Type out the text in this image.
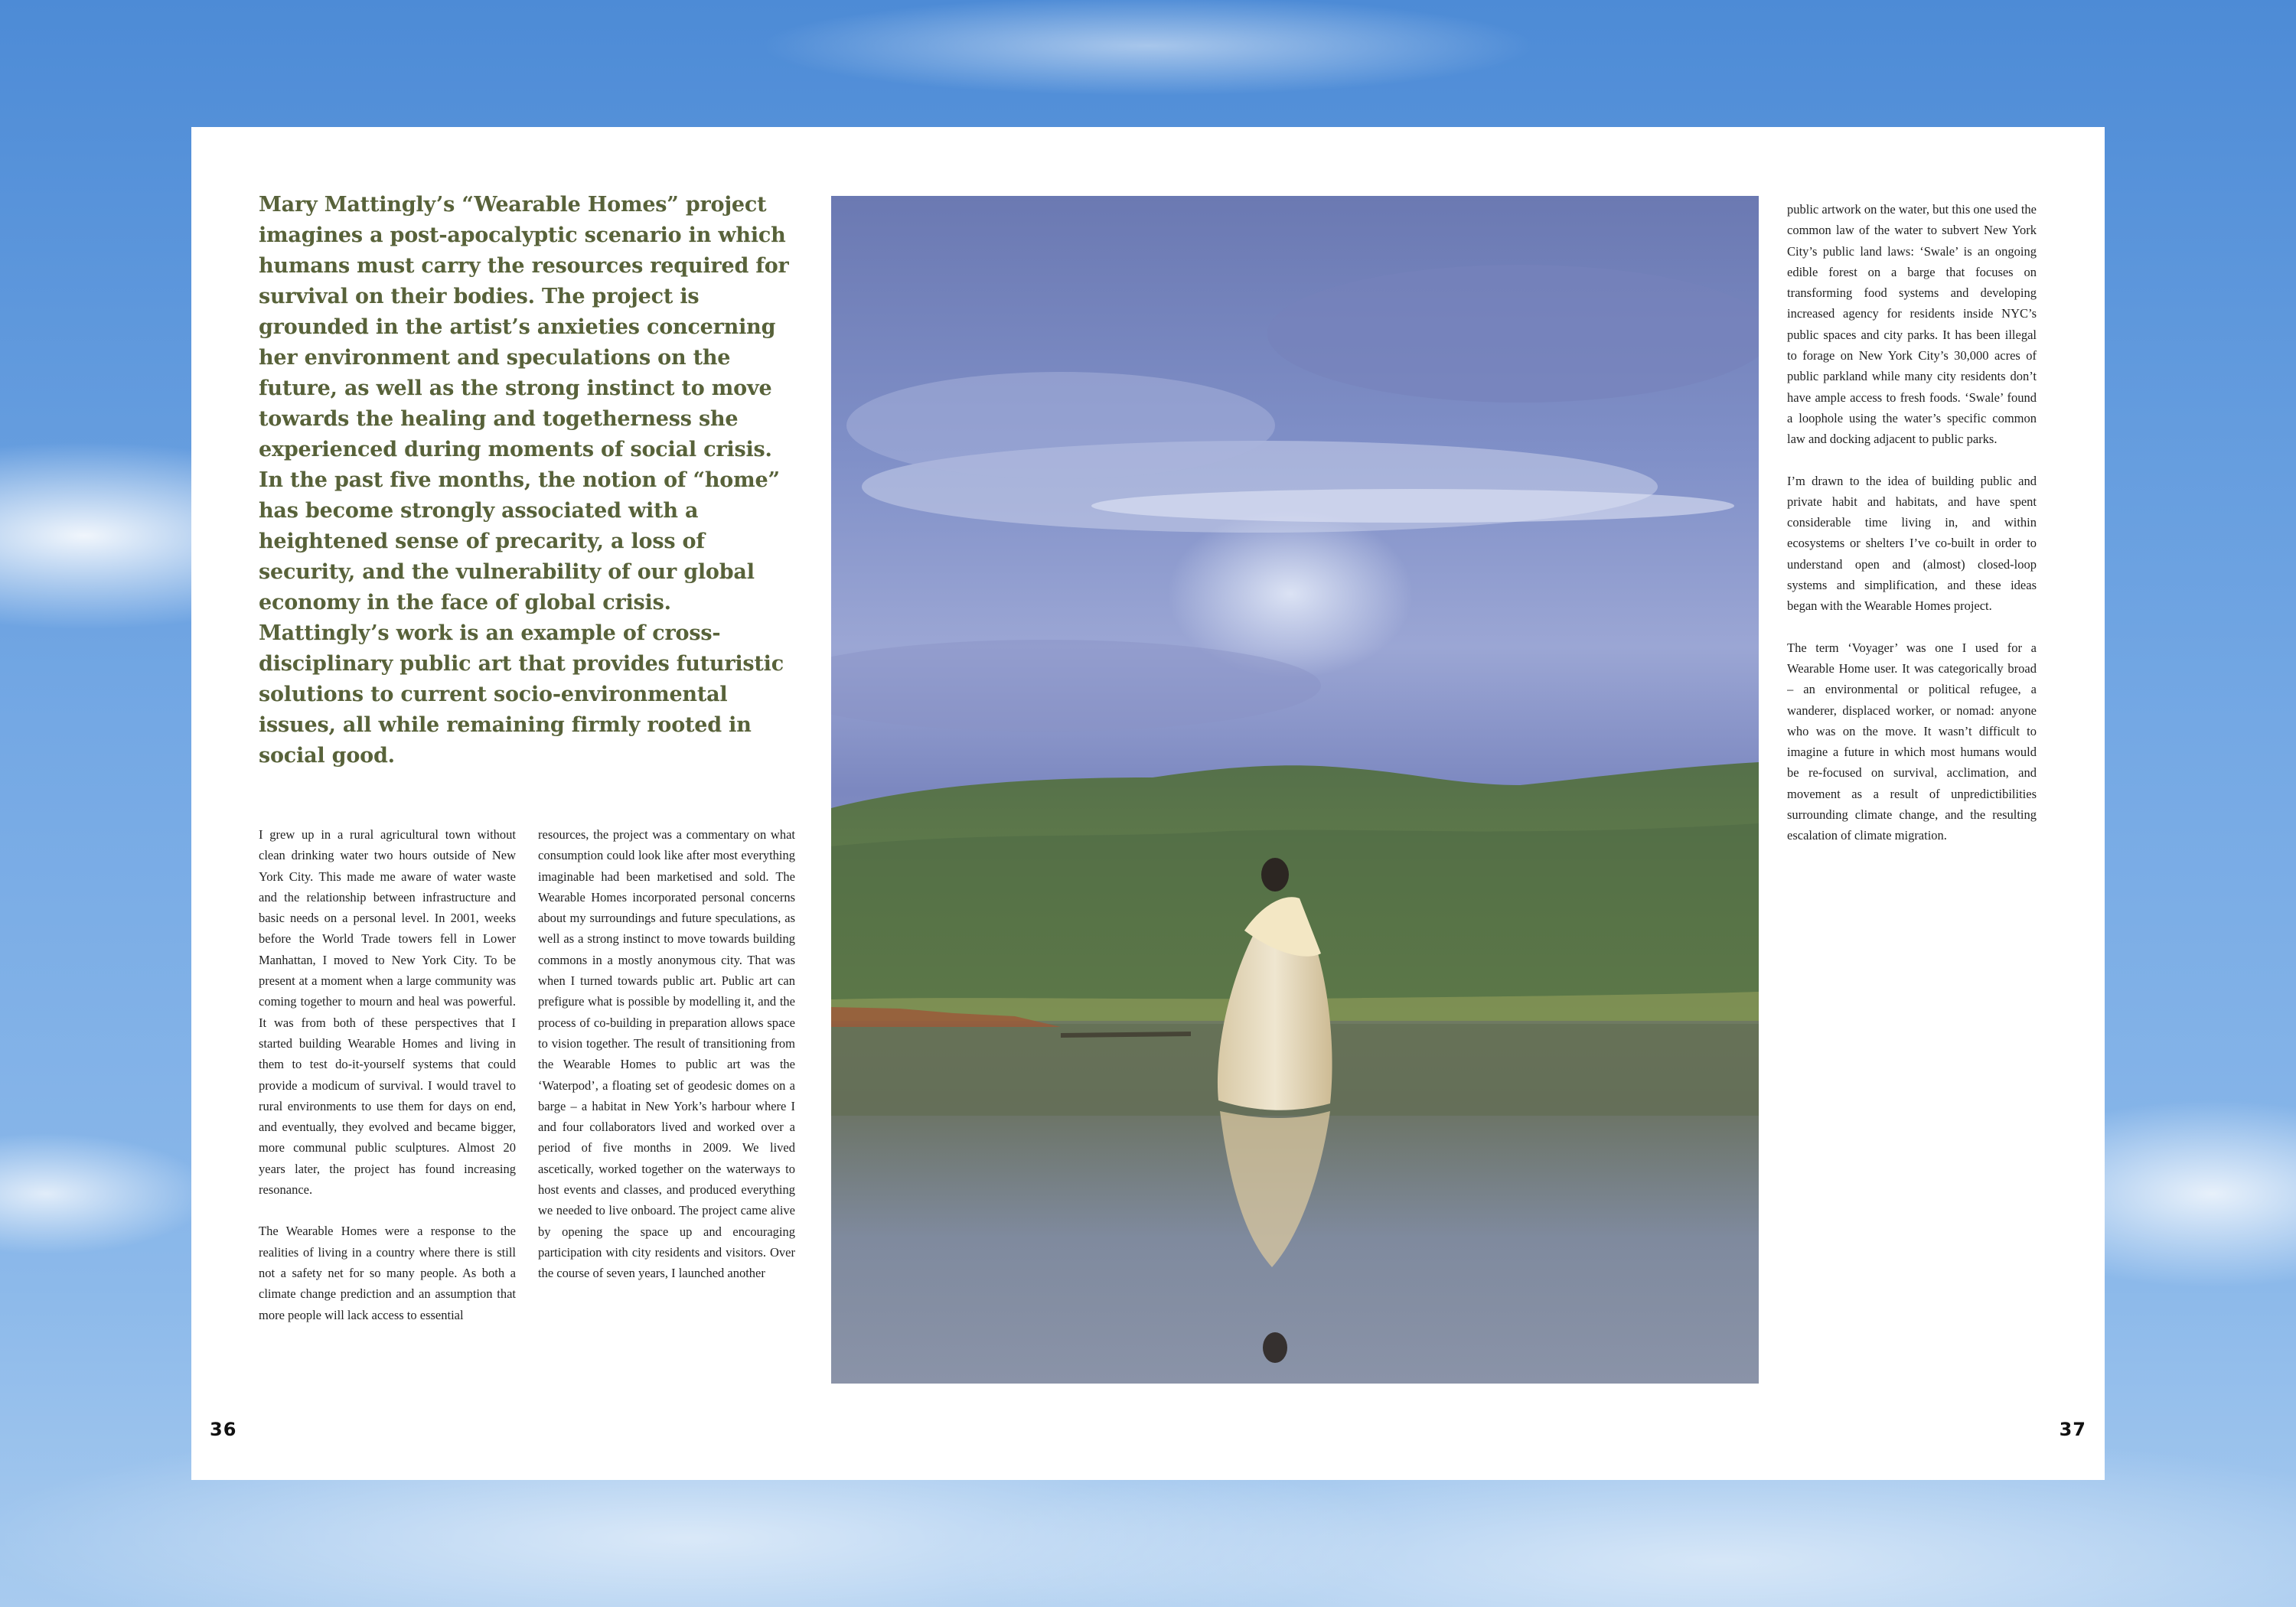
Mary Mattingly’s “Wearable Homes” project imagines a post-apocalyptic scenario in which humans must carry the resources required for survival on their bodies. The project is grounded in the artist’s anxieties concerning her environment and speculations on the future, as well as the strong instinct to move towards the healing and togetherness she experienced during moments of social crisis. In the past five months, the notion of “home” has become strongly associated with a heightened sense of precarity, a loss of security, and the vulnerability of our global economy in the face of global crisis. Mattingly’s work is an example of cross-disciplinary public art that provides futuristic solutions to current socio-environmental issues, all while remaining firmly rooted in social good.

I grew up in a rural agricultural town without clean drinking water two hours outside of New York City. This made me aware of water waste and the relationship between infrastructure and basic needs on a personal level. In 2001, weeks before the World Trade towers fell in Lower Manhattan, I moved to New York City. To be present at a moment when a large community was coming together to mourn and heal was powerful. It was from both of these perspectives that I started building Wearable Homes and living in them to test do-it-yourself systems that could provide a modicum of survival. I would travel to rural environments to use them for days on end, and eventually, they evolved and became bigger, more communal public sculptures. Almost 20 years later, the project has found increasing resonance.

The Wearable Homes were a response to the realities of living in a country where there is still not a safety net for so many people. As both a climate change prediction and an assumption that more people will lack access to essential

resources, the project was a commentary on what consumption could look like after most everything imaginable had been marketised and sold. The Wearable Homes incorporated personal concerns about my surroundings and future speculations, as well as a strong instinct to move towards building commons in a mostly anonymous city. That was when I turned towards public art. Public art can prefigure what is possible by modelling it, and the process of co-building in preparation allows space to vision together. The result of transitioning from the Wearable Homes to public art was the ‘Waterpod’, a floating set of geodesic domes on a barge – a habitat in New York’s harbour where I and four collaborators lived and worked over a period of five months in 2009. We lived ascetically, worked together on the waterways to host events and classes, and produced everything we needed to live onboard. The project came alive by opening the space up and encouraging participation with city residents and visitors. Over the course of seven years, I launched another

public artwork on the water, but this one used the common law of the water to subvert New York City’s public land laws: ‘Swale’ is an ongoing edible forest on a barge that focuses on transforming food systems and developing increased agency for residents inside NYC’s public spaces and city parks. It has been illegal to forage on New York City’s 30,000 acres of public parkland while many city residents don’t have ample access to fresh foods. ‘Swale’ found a loophole using the water’s specific common law and docking adjacent to public parks.

I’m drawn to the idea of building public and private habit and habitats, and have spent considerable time living in, and within ecosystems or shelters I’ve co-built in order to understand open and (almost) closed-loop systems and simplification, and these ideas began with the Wearable Homes project.

The term ‘Voyager’ was one I used for a Wearable Home user. It was categorically broad – an environmental or political refugee, a wanderer, displaced worker, or nomad: anyone who was on the move. It wasn’t difficult to imagine a future in which most humans would be re-focused on survival, acclimation, and movement as a result of unpredictibilities surrounding climate change, and the resulting escalation of climate migration.

36	37
